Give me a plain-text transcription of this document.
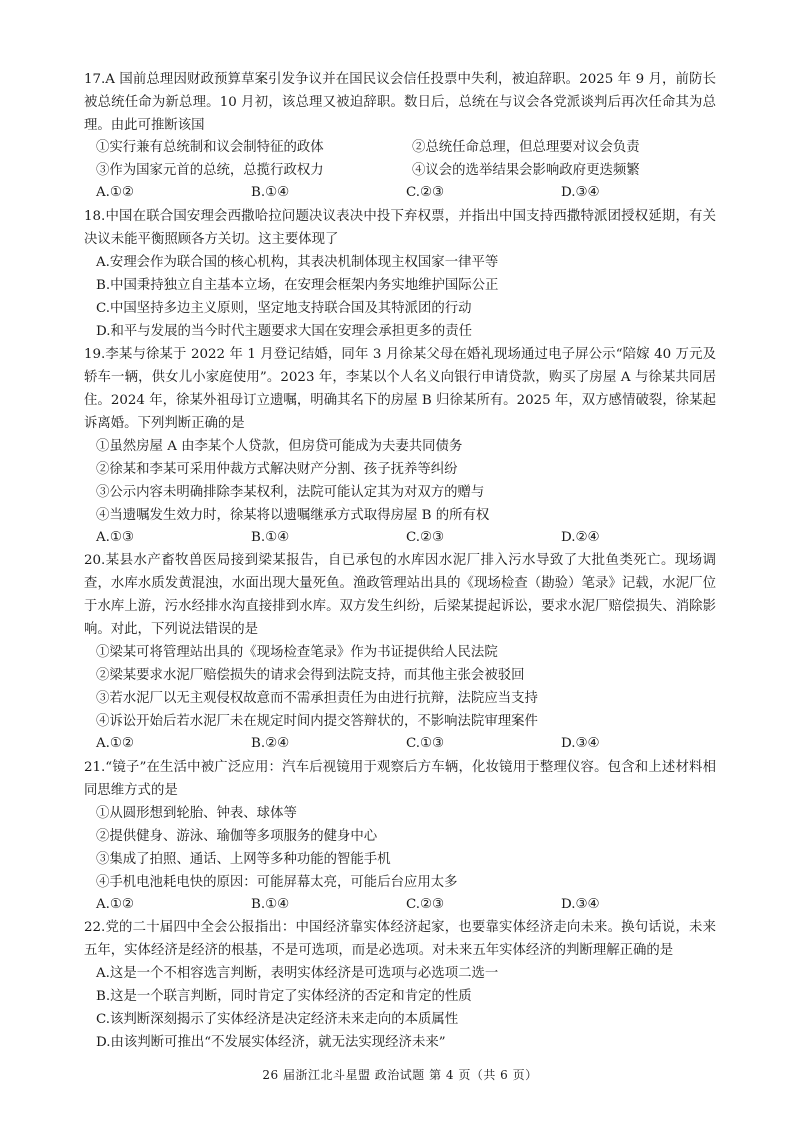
17.A 国前总理因财政预算草案引发争议并在国民议会信任投票中失利，被迫辞职。2025 年 9 月，前防长被总统任命为新总理。10 月初，该总理又被迫辞职。数日后，总统在与议会各党派谈判后再次任命其为总理。由此可推断该国

①实行兼有总统制和议会制特征的政体	②总统任命总理，但总理要对议会负责
③作为国家元首的总统，总揽行政权力	④议会的选举结果会影响政府更迭频繁
A.①②	B.①④	C.②③	D.③④

18.中国在联合国安理会西撒哈拉问题决议表决中投下弃权票，并指出中国支持西撒特派团授权延期，有关决议未能平衡照顾各方关切。这主要体现了

A.安理会作为联合国的核心机构，其表决机制体现主权国家一律平等

B.中国秉持独立自主基本立场，在安理会框架内务实地维护国际公正

C.中国坚持多边主义原则，坚定地支持联合国及其特派团的行动

D.和平与发展的当今时代主题要求大国在安理会承担更多的责任

19.李某与徐某于 2022 年 1 月登记结婚，同年 3 月徐某父母在婚礼现场通过电子屏公示“陪嫁 40 万元及轿车一辆，供女儿小家庭使用”。2023 年，李某以个人名义向银行申请贷款，购买了房屋 A 与徐某共同居住。2024 年，徐某外祖母订立遗嘱，明确其名下的房屋 B 归徐某所有。2025 年，双方感情破裂，徐某起诉离婚。下列判断正确的是

①虽然房屋 A 由李某个人贷款，但房贷可能成为夫妻共同债务

②徐某和李某可采用仲裁方式解决财产分割、孩子抚养等纠纷

③公示内容未明确排除李某权利，法院可能认定其为对双方的赠与

④当遗嘱发生效力时，徐某将以遗嘱继承方式取得房屋 B 的所有权

A.①③	B.①④	C.②③	D.②④

20.某县水产畜牧兽医局接到梁某报告，自已承包的水库因水泥厂排入污水导致了大批鱼类死亡。现场调查，水库水质发黄混浊，水面出现大量死鱼。渔政管理站出具的《现场检查（勘验）笔录》记载，水泥厂位于水库上游，污水经排水沟直接排到水库。双方发生纠纷，后梁某提起诉讼，要求水泥厂赔偿损失、消除影响。对此，下列说法错误的是

①梁某可将管理站出具的《现场检查笔录》作为书证提供给人民法院

②梁某要求水泥厂赔偿损失的请求会得到法院支持，而其他主张会被驳回

③若水泥厂以无主观侵权故意而不需承担责任为由进行抗辩，法院应当支持

④诉讼开始后若水泥厂未在规定时间内提交答辩状的，不影响法院审理案件

A.①②	B.②④	C.①③	D.③④

21.“镜子”在生活中被广泛应用：汽车后视镜用于观察后方车辆，化妆镜用于整理仪容。包含和上述材料相同思维方式的是

①从圆形想到轮胎、钟表、球体等

②提供健身、游泳、瑜伽等多项服务的健身中心

③集成了拍照、通话、上网等多种功能的智能手机

④手机电池耗电快的原因：可能屏幕太亮，可能后台应用太多

A.①②	B.①④	C.②③	D.③④

22.党的二十届四中全会公报指出：中国经济靠实体经济起家，也要靠实体经济走向未来。换句话说，未来五年，实体经济是经济的根基，不是可选项，而是必选项。对未来五年实体经济的判断理解正确的是

A.这是一个不相容选言判断，表明实体经济是可选项与必选项二选一

B.这是一个联言判断，同时肯定了实体经济的否定和肯定的性质

C.该判断深刻揭示了实体经济是决定经济未来走向的本质属性

D.由该判断可推出“不发展实体经济，就无法实现经济未来”

26 届浙江北斗星盟 政治试题 第 4 页（共 6 页）
